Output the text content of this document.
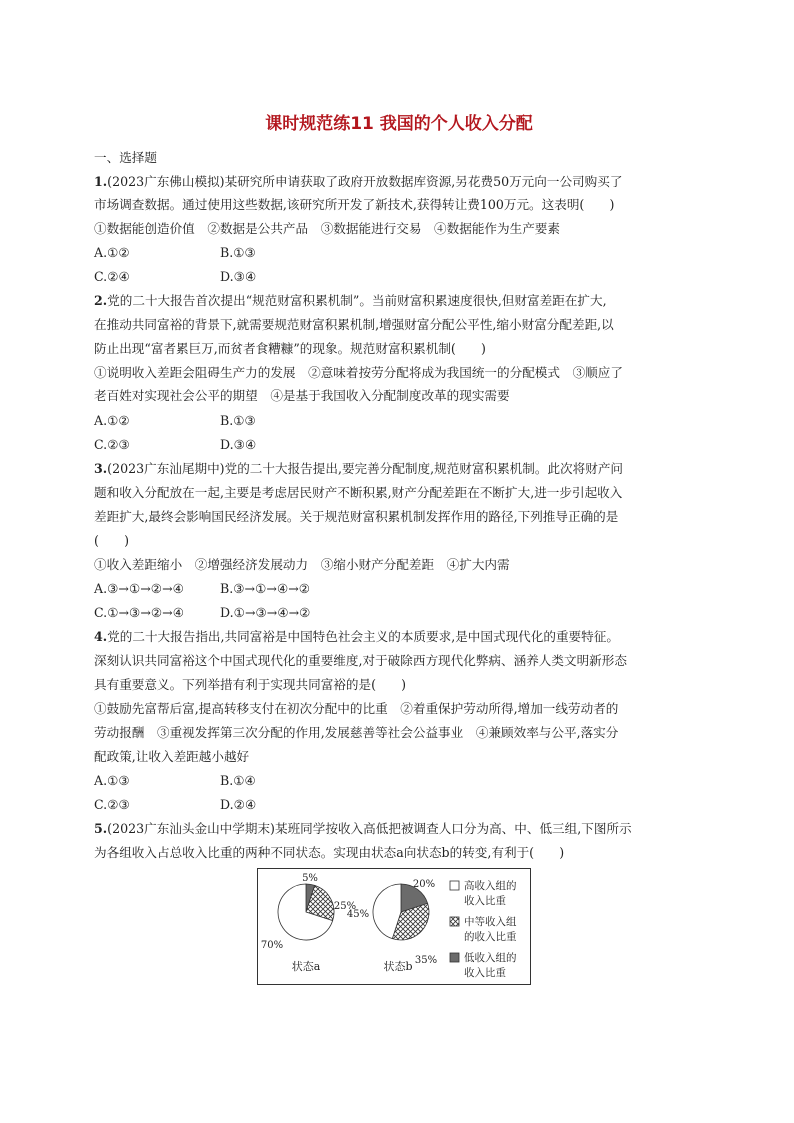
课时规范练11 我国的个人收入分配
一、选择题
1.(2023广东佛山模拟)某研究所申请获取了政府开放数据库资源,另花费50万元向一公司购买了
市场调查数据。通过使用这些数据,该研究所开发了新技术,获得转让费100万元。这表明(　　)
①数据能创造价值　②数据是公共产品　③数据能进行交易　④数据能作为生产要素
A.①②	B.①③
C.②④	D.③④
2.党的二十大报告首次提出“规范财富积累机制”。当前财富积累速度很快,但财富差距在扩大,
在推动共同富裕的背景下,就需要规范财富积累机制,增强财富分配公平性,缩小财富分配差距,以
防止出现“富者累巨万,而贫者食糟糠”的现象。规范财富积累机制(　　)
①说明收入差距会阻碍生产力的发展　②意味着按劳分配将成为我国统一的分配模式　③顺应了
老百姓对实现社会公平的期望　④是基于我国收入分配制度改革的现实需要
A.①②	B.①③
C.②③	D.③④
3.(2023广东汕尾期中)党的二十大报告提出,要完善分配制度,规范财富积累机制。此次将财产问
题和收入分配放在一起,主要是考虑居民财产不断积累,财产分配差距在不断扩大,进一步引起收入
差距扩大,最终会影响国民经济发展。关于规范财富积累机制发挥作用的路径,下列推导正确的是
(　　)
①收入差距缩小　②增强经济发展动力　③缩小财产分配差距　④扩大内需
A.③→①→②→④	B.③→①→④→②
C.①→③→②→④	D.①→③→④→②
4.党的二十大报告指出,共同富裕是中国特色社会主义的本质要求,是中国式现代化的重要特征。
深刻认识共同富裕这个中国式现代化的重要维度,对于破除西方现代化弊病、涵养人类文明新形态
具有重要意义。下列举措有利于实现共同富裕的是(　　)
①鼓励先富帮后富,提高转移支付在初次分配中的比重　②着重保护劳动所得,增加一线劳动者的
劳动报酬　③重视发挥第三次分配的作用,发展慈善等社会公益事业　④兼顾效率与公平,落实分
配政策,让收入差距越小越好
A.①③	B.①④
C.②③	D.②④
5.(2023广东汕头金山中学期末)某班同学按收入高低把被调查人口分为高、中、低三组,下图所示
为各组收入占总收入比重的两种不同状态。实现由状态a向状态b的转变,有利于(　　)
70%
25%
5%
状态a
45%
35%
20%
状态b
高收入组的
收入比重
中等收入组
的收入比重
低收入组的
收入比重
